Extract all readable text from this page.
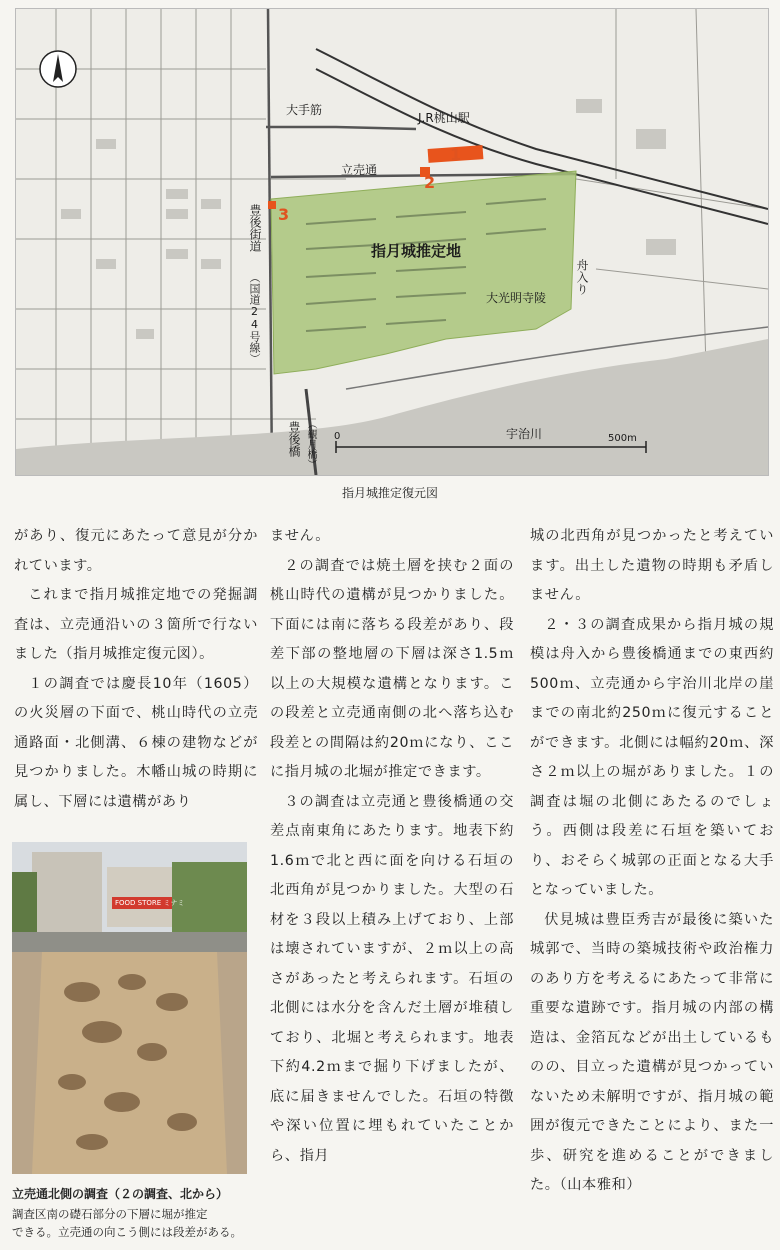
大手筋
J.R桃山駅
立売通
豊後街道
（国道24号線）
指月城推定地
大光明寺陵
舟入り
豊後橋 （観月橋）	宇治川
0	500m
1
2
3
指月城推定復元図

があり、復元にあたって意見が分かれています。

これまで指月城推定地での発掘調査は、立売通沿いの３箇所で行ないました（指月城推定復元図）。

１の調査では慶長10年（1605）の火災層の下面で、桃山時代の立売通路面・北側溝、６棟の建物などが見つかりました。木幡山城の時期に属し、下層には遺構があり

FOOD STORE ミナミ
立売通北側の調査（２の調査、北から）
調査区南の礎石部分の下層に堀が推定
できる。立売通の向こう側には段差がある。

ません。

２の調査では焼土層を挟む２面の桃山時代の遺構が見つかりました。下面には南に落ちる段差があり、段差下部の整地層の下層は深さ1.5ｍ以上の大規模な遺構となります。この段差と立売通南側の北へ落ち込む段差との間隔は約20ｍになり、ここに指月城の北堀が推定できます。

３の調査は立売通と豊後橋通の交差点南東角にあたります。地表下約1.6ｍで北と西に面を向ける石垣の北西角が見つかりました。大型の石材を３段以上積み上げており、上部は壊されていますが、２ｍ以上の高さがあったと考えられます。石垣の北側には水分を含んだ土層が堆積しており、北堀と考えられます。地表下約4.2ｍまで掘り下げましたが、底に届きませんでした。石垣の特徴や深い位置に埋もれていたことから、指月

城の北西角が見つかったと考えています。出土した遺物の時期も矛盾しません。

２・３の調査成果から指月城の規模は舟入から豊後橋通までの東西約500ｍ、立売通から宇治川北岸の崖までの南北約250ｍに復元することができます。北側には幅約20ｍ、深さ２ｍ以上の堀がありました。１の調査は堀の北側にあたるのでしょう。西側は段差に石垣を築いており、おそらく城郭の正面となる大手となっていました。

伏見城は豊臣秀吉が最後に築いた城郭で、当時の築城技術や政治権力のあり方を考えるにあたって非常に重要な遺跡です。指月城の内部の構造は、金箔瓦などが出土しているものの、目立った遺構が見つかっていないため未解明ですが、指月城の範囲が復元できたことにより、また一歩、研究を進めることができました。（山本雅和）
